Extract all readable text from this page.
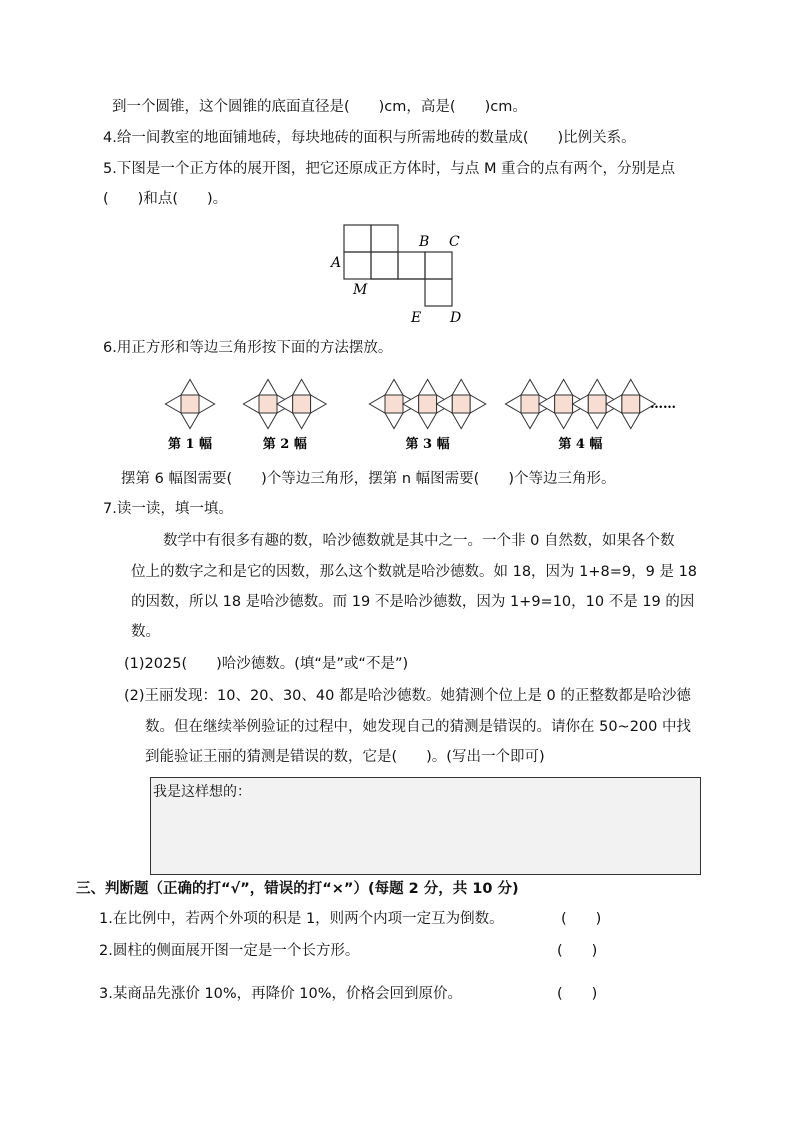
到一个圆锥，这个圆锥的底面直径是(　　)cm，高是(　　)cm。
4.给一间教室的地面铺地砖，每块地砖的面积与所需地砖的数量成(　　)比例关系。
5.下图是一个正方体的展开图，把它还原成正方体时，与点 M 重合的点有两个，分别是点
(　　)和点(　　)。
A
B C
M
E D
6.用正方形和等边三角形按下面的方法摆放。
第 1 幅	第 2 幅	第 3 幅	第 4 幅
……
摆第 6 幅图需要(　　)个等边三角形，摆第 n 幅图需要(　　)个等边三角形。
7.读一读，填一填。
数学中有很多有趣的数，哈沙德数就是其中之一。一个非 0 自然数，如果各个数
位上的数字之和是它的因数，那么这个数就是哈沙德数。如 18，因为 1+8=9，9 是 18
的因数，所以 18 是哈沙德数。而 19 不是哈沙德数，因为 1+9=10，10 不是 19 的因
数。
(1)2025(　　)哈沙德数。(填“是”或“不是”)
(2)王丽发现：10、20、30、40 都是哈沙德数。她猜测个位上是 0 的正整数都是哈沙德
数。但在继续举例验证的过程中，她发现自己的猜测是错误的。请你在 50~200 中找
到能验证王丽的猜测是错误的数，它是(　　)。(写出一个即可)
我是这样想的：
三、判断题（正确的打“√”，错误的打“×”）(每题 2 分，共 10 分)
1.在比例中，若两个外项的积是 1，则两个内项一定互为倒数。	(　　)
2.圆柱的侧面展开图一定是一个长方形。	(　　)
3.某商品先涨价 10%，再降价 10%，价格会回到原价。	(　　)
